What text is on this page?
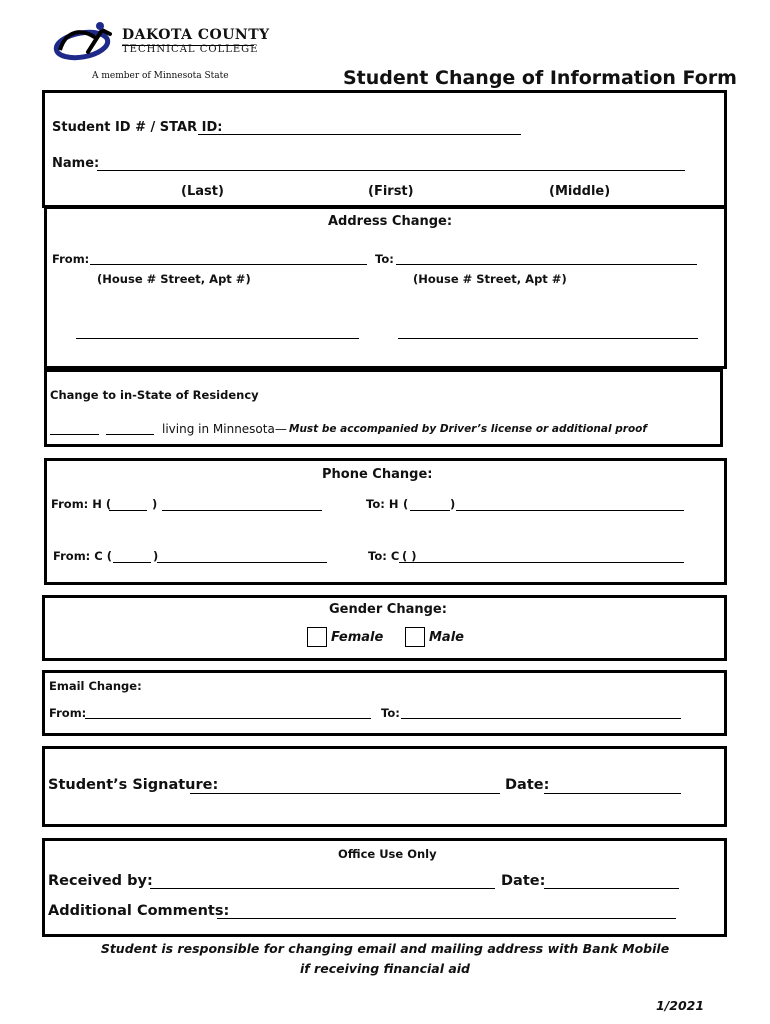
DAKOTA COUNTY
TECHNICAL COLLEGE
A member of Minnesota State	Student Change of Information Form
Student ID # / STAR ID:
Name:
(Last)	(First)	(Middle)
Address Change:
From:	To:
(House # Street, Apt #)	(House # Street, Apt #)
Change to in-State of Residency
living in Minnesota— Must be accompanied by Driver’s license or additional proof
Phone Change:
From: H (	)	To: H (	)
From: C (	)	To: C ( )
Gender Change:
Female	Male
Email Change:
From:	To:
Student’s Signature:	Date:
Office Use Only
Received by:	Date:
Additional Comments:
Student is responsible for changing email and mailing address with Bank Mobile
if receiving financial aid
1/2021
